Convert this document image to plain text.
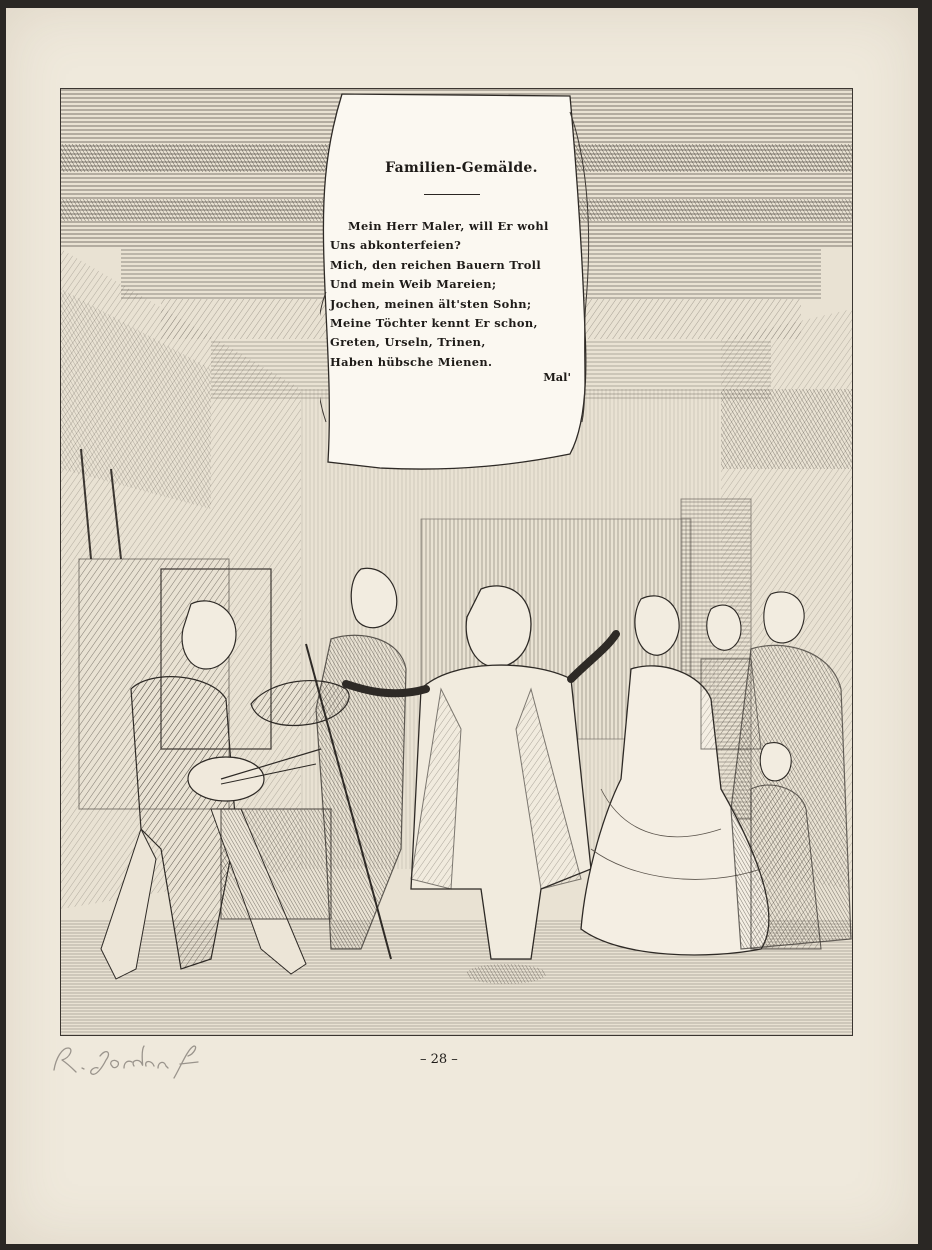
Familien-Gemälde.
Mein Herr Maler, will Er wohl
Uns abkonterfeien?
Mich, den reichen Bauern Troll
Und mein Weib Mareien;
Jochen, meinen ält'sten Sohn;
Meine Töchter kennt Er schon,
Greten, Urseln, Trinen,
Haben hübsche Mienen.
Mal'
– 28 –
